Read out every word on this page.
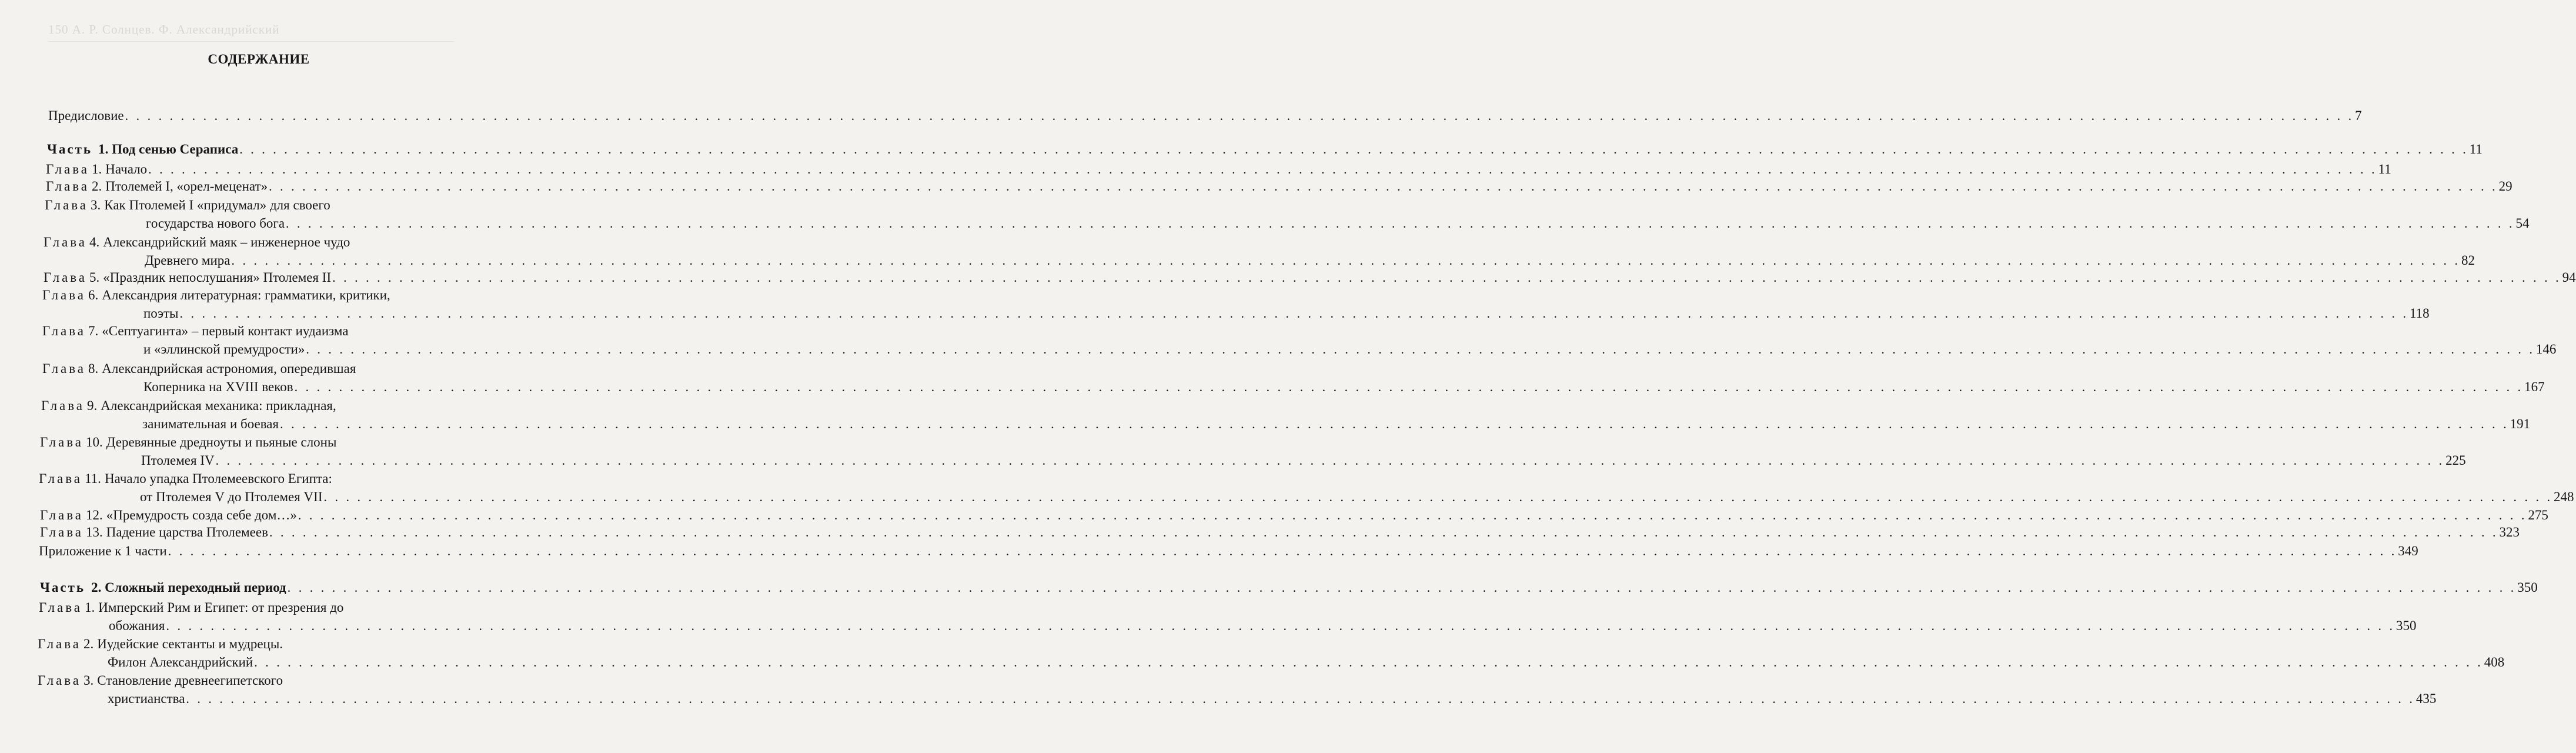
150 А. Р. Солнцев. Ф. Александрийский
СОДЕРЖАНИЕ
Предисловие . . . . . . . . . . . . . . . . . . . . . . . . . . . . . . . . . . . . . . . . . . . . . . . . . . . . . . . . . . . . . . . . . . . . . . . . . . . . . . . . . . . . . . . . . . . . . . . . . . . . . . . . . . . . . . . . . . . . . . . . . . . . . . . . . . . . . . . . . . . . . . . . . . . . . . . . . . . . . . . . . . . . . . . . . . . . . . . . . . . . . . . . . . . . . . . . . . . . . . . . 7
Часть 1. Под сенью Сераписа . . . . . . . . . . . . . . . . . . . . . . . . . . . . . . . . . . . . . . . . . . . . . . . . . . . . . . . . . . . . . . . . . . . . . . . . . . . . . . . . . . . . . . . . . . . . . . . . . . . . . . . . . . . . . . . . . . . . . . . . . . . . . . . . . . . . . . . . . . . . . . . . . . . . . . . . . . . . . . . . . . . . . . . . . . . . . . . . . . . . . . . . . . . . . . . . . . . . . . . . 11
Глава 1. Начало . . . . . . . . . . . . . . . . . . . . . . . . . . . . . . . . . . . . . . . . . . . . . . . . . . . . . . . . . . . . . . . . . . . . . . . . . . . . . . . . . . . . . . . . . . . . . . . . . . . . . . . . . . . . . . . . . . . . . . . . . . . . . . . . . . . . . . . . . . . . . . . . . . . . . . . . . . . . . . . . . . . . . . . . . . . . . . . . . . . . . . . . . . . . . . . . . . . . . . . . 11
Глава 2. Птолемей I, «орел-меценат» . . . . . . . . . . . . . . . . . . . . . . . . . . . . . . . . . . . . . . . . . . . . . . . . . . . . . . . . . . . . . . . . . . . . . . . . . . . . . . . . . . . . . . . . . . . . . . . . . . . . . . . . . . . . . . . . . . . . . . . . . . . . . . . . . . . . . . . . . . . . . . . . . . . . . . . . . . . . . . . . . . . . . . . . . . . . . . . . . . . . . . . . . . . . . . . . . . . . . . . . 29
Глава 3. Как Птолемей I «придумал» для своего
государства нового бога . . . . . . . . . . . . . . . . . . . . . . . . . . . . . . . . . . . . . . . . . . . . . . . . . . . . . . . . . . . . . . . . . . . . . . . . . . . . . . . . . . . . . . . . . . . . . . . . . . . . . . . . . . . . . . . . . . . . . . . . . . . . . . . . . . . . . . . . . . . . . . . . . . . . . . . . . . . . . . . . . . . . . . . . . . . . . . . . . . . . . . . . . . . . . . . . . . . . . . . . 54
Глава 4. Александрийский маяк – инженерное чудо
Древнего мира . . . . . . . . . . . . . . . . . . . . . . . . . . . . . . . . . . . . . . . . . . . . . . . . . . . . . . . . . . . . . . . . . . . . . . . . . . . . . . . . . . . . . . . . . . . . . . . . . . . . . . . . . . . . . . . . . . . . . . . . . . . . . . . . . . . . . . . . . . . . . . . . . . . . . . . . . . . . . . . . . . . . . . . . . . . . . . . . . . . . . . . . . . . . . . . . . . . . . . . . 82
Глава 5. «Праздник непослушания» Птолемея II . . . . . . . . . . . . . . . . . . . . . . . . . . . . . . . . . . . . . . . . . . . . . . . . . . . . . . . . . . . . . . . . . . . . . . . . . . . . . . . . . . . . . . . . . . . . . . . . . . . . . . . . . . . . . . . . . . . . . . . . . . . . . . . . . . . . . . . . . . . . . . . . . . . . . . . . . . . . . . . . . . . . . . . . . . . . . . . . . . . . . . . . . . . . . . . . . . . . . . . . 94
Глава 6. Александрия литературная: грамматики, критики,
поэты . . . . . . . . . . . . . . . . . . . . . . . . . . . . . . . . . . . . . . . . . . . . . . . . . . . . . . . . . . . . . . . . . . . . . . . . . . . . . . . . . . . . . . . . . . . . . . . . . . . . . . . . . . . . . . . . . . . . . . . . . . . . . . . . . . . . . . . . . . . . . . . . . . . . . . . . . . . . . . . . . . . . . . . . . . . . . . . . . . . . . . . . . . . . . . . . . . . . . . . . 118
Глава 7. «Септуагинта» – первый контакт иудаизма
и «эллинской премудрости» . . . . . . . . . . . . . . . . . . . . . . . . . . . . . . . . . . . . . . . . . . . . . . . . . . . . . . . . . . . . . . . . . . . . . . . . . . . . . . . . . . . . . . . . . . . . . . . . . . . . . . . . . . . . . . . . . . . . . . . . . . . . . . . . . . . . . . . . . . . . . . . . . . . . . . . . . . . . . . . . . . . . . . . . . . . . . . . . . . . . . . . . . . . . . . . . . . . . . . . . 146
Глава 8. Александрийская астрономия, опередившая
Коперника на XVIII веков . . . . . . . . . . . . . . . . . . . . . . . . . . . . . . . . . . . . . . . . . . . . . . . . . . . . . . . . . . . . . . . . . . . . . . . . . . . . . . . . . . . . . . . . . . . . . . . . . . . . . . . . . . . . . . . . . . . . . . . . . . . . . . . . . . . . . . . . . . . . . . . . . . . . . . . . . . . . . . . . . . . . . . . . . . . . . . . . . . . . . . . . . . . . . . . . . . . . . . . . 167
Глава 9. Александрийская механика: прикладная,
занимательная и боевая . . . . . . . . . . . . . . . . . . . . . . . . . . . . . . . . . . . . . . . . . . . . . . . . . . . . . . . . . . . . . . . . . . . . . . . . . . . . . . . . . . . . . . . . . . . . . . . . . . . . . . . . . . . . . . . . . . . . . . . . . . . . . . . . . . . . . . . . . . . . . . . . . . . . . . . . . . . . . . . . . . . . . . . . . . . . . . . . . . . . . . . . . . . . . . . . . . . . . . . . 191
Глава 10. Деревянные дредноуты и пьяные слоны
Птолемея IV . . . . . . . . . . . . . . . . . . . . . . . . . . . . . . . . . . . . . . . . . . . . . . . . . . . . . . . . . . . . . . . . . . . . . . . . . . . . . . . . . . . . . . . . . . . . . . . . . . . . . . . . . . . . . . . . . . . . . . . . . . . . . . . . . . . . . . . . . . . . . . . . . . . . . . . . . . . . . . . . . . . . . . . . . . . . . . . . . . . . . . . . . . . . . . . . . . . . . . . . 225
Глава 11. Начало упадка Птолемеевского Египта:
от Птолемея V до Птолемея VII . . . . . . . . . . . . . . . . . . . . . . . . . . . . . . . . . . . . . . . . . . . . . . . . . . . . . . . . . . . . . . . . . . . . . . . . . . . . . . . . . . . . . . . . . . . . . . . . . . . . . . . . . . . . . . . . . . . . . . . . . . . . . . . . . . . . . . . . . . . . . . . . . . . . . . . . . . . . . . . . . . . . . . . . . . . . . . . . . . . . . . . . . . . . . . . . . . . . . . . . 248
Глава 12. «Премудрость созда себе дом…» . . . . . . . . . . . . . . . . . . . . . . . . . . . . . . . . . . . . . . . . . . . . . . . . . . . . . . . . . . . . . . . . . . . . . . . . . . . . . . . . . . . . . . . . . . . . . . . . . . . . . . . . . . . . . . . . . . . . . . . . . . . . . . . . . . . . . . . . . . . . . . . . . . . . . . . . . . . . . . . . . . . . . . . . . . . . . . . . . . . . . . . . . . . . . . . . . . . . . . . . 275
Глава 13. Падение царства Птолемеев . . . . . . . . . . . . . . . . . . . . . . . . . . . . . . . . . . . . . . . . . . . . . . . . . . . . . . . . . . . . . . . . . . . . . . . . . . . . . . . . . . . . . . . . . . . . . . . . . . . . . . . . . . . . . . . . . . . . . . . . . . . . . . . . . . . . . . . . . . . . . . . . . . . . . . . . . . . . . . . . . . . . . . . . . . . . . . . . . . . . . . . . . . . . . . . . . . . . . . . . 323
Приложение к 1 части . . . . . . . . . . . . . . . . . . . . . . . . . . . . . . . . . . . . . . . . . . . . . . . . . . . . . . . . . . . . . . . . . . . . . . . . . . . . . . . . . . . . . . . . . . . . . . . . . . . . . . . . . . . . . . . . . . . . . . . . . . . . . . . . . . . . . . . . . . . . . . . . . . . . . . . . . . . . . . . . . . . . . . . . . . . . . . . . . . . . . . . . . . . . . . . . . . . . . . . . 349
Часть 2. Сложный переходный период . . . . . . . . . . . . . . . . . . . . . . . . . . . . . . . . . . . . . . . . . . . . . . . . . . . . . . . . . . . . . . . . . . . . . . . . . . . . . . . . . . . . . . . . . . . . . . . . . . . . . . . . . . . . . . . . . . . . . . . . . . . . . . . . . . . . . . . . . . . . . . . . . . . . . . . . . . . . . . . . . . . . . . . . . . . . . . . . . . . . . . . . . . . . . . . . . . . . . . . . 350
Глава 1. Имперский Рим и Египет: от презрения до
обожания . . . . . . . . . . . . . . . . . . . . . . . . . . . . . . . . . . . . . . . . . . . . . . . . . . . . . . . . . . . . . . . . . . . . . . . . . . . . . . . . . . . . . . . . . . . . . . . . . . . . . . . . . . . . . . . . . . . . . . . . . . . . . . . . . . . . . . . . . . . . . . . . . . . . . . . . . . . . . . . . . . . . . . . . . . . . . . . . . . . . . . . . . . . . . . . . . . . . . . . . 350
Глава 2. Иудейские сектанты и мудрецы.
Филон Александрийский . . . . . . . . . . . . . . . . . . . . . . . . . . . . . . . . . . . . . . . . . . . . . . . . . . . . . . . . . . . . . . . . . . . . . . . . . . . . . . . . . . . . . . . . . . . . . . . . . . . . . . . . . . . . . . . . . . . . . . . . . . . . . . . . . . . . . . . . . . . . . . . . . . . . . . . . . . . . . . . . . . . . . . . . . . . . . . . . . . . . . . . . . . . . . . . . . . . . . . . . 408
Глава 3. Становление древнеегипетского
христианства . . . . . . . . . . . . . . . . . . . . . . . . . . . . . . . . . . . . . . . . . . . . . . . . . . . . . . . . . . . . . . . . . . . . . . . . . . . . . . . . . . . . . . . . . . . . . . . . . . . . . . . . . . . . . . . . . . . . . . . . . . . . . . . . . . . . . . . . . . . . . . . . . . . . . . . . . . . . . . . . . . . . . . . . . . . . . . . . . . . . . . . . . . . . . . . . . . . . . . . . 435
